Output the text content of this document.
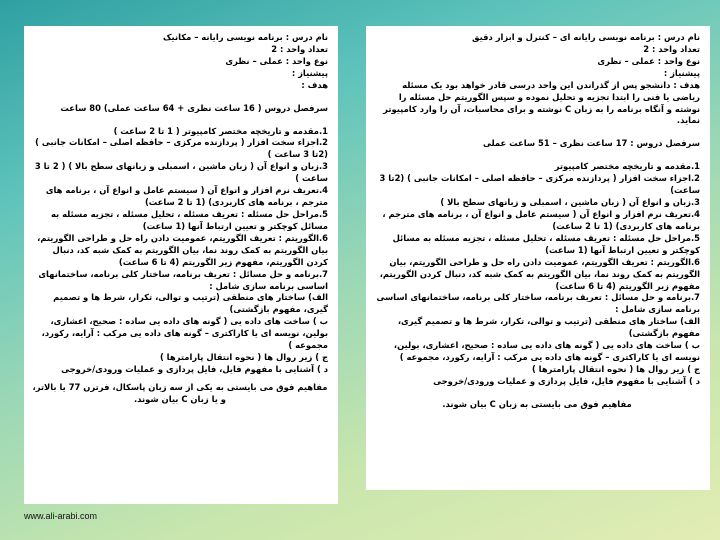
نام درس : برنامه نویسی رایانه – مکانیک
تعداد واحد : 2
نوع واحد : عملی – نظری
پیشنیاز :
هدف :
سرفصل دروس ( 16 ساعت نظری + 64 ساعت عملی) 80 ساعت
1.مقدمه و تاریخچه مختصر کامپیوتر ( 1 تا 2 ساعت )
2.اجزاء سخت افزار ( پردازنده مرکزی – حافظه اصلی – امکانات جانبی ) (2تا 3 ساعت )
3.زبان و انواع آن ( زبان ماشین ، اسمبلی و زبانهای سطح بالا ) ( 2 تا 3 ساعت )
4.تعریف نرم افزار و انواع آن ( سیستم عامل و انواع آن ، برنامه های مترجم ، برنامه های کاربردی) (1 تا 2 ساعت)
5.مراحل حل مسئله : تعریف مسئله ، تحلیل مسئله ، تجزیه مسئله به مسائل کوچکتر و تعیین ارتباط آنها (1 ساعت)
6.الگوریتم : تعریف الگوریتم، عمومیت دادن راه حل و طراحی الگوریتم، بیان الگوریتم به کمک روند نما، بیان الگوریتم به کمک شبه کد، دنبال کردن الگوریتم، مفهوم زیر الگوریتم (4 تا 6 ساعت)
7.برنامه و حل مسائل : تعریف برنامه، ساختار کلی برنامه، ساختمانهای اساسی برنامه سازی شامل :
الف) ساختار های منطقی (ترتیب و توالی، تکرار، شرط ها و تصمیم گیری، مفهوم بازگشتی)
ب ) ساخت های داده یی ( گونه های داده یی ساده : صحیح، اعشاری، بولین، نویسه ای یا کاراکتری – گونه های داده یی مرکب : آرایه، رکورد، مجموعه )
ج ) زیر روال ها ( نحوه انتقال پارامترها )
د ) آشنایی با مفهوم فایل، فایل پردازی و عملیات ورودی/خروجی
مفاهیم فوق می بایستی به یکی از سه زبان پاسکال، فرترن 77 یا بالاتر، و یا زبان C بیان شوند.
نام درس : برنامه نویسی رایانه ای – کنترل و ابزار دقیق
تعداد واحد : 2
نوع واحد : عملی – نظری
پیشنیاز :
هدف : دانشجو پس از گذراندن این واحد درسی قادر خواهد بود یک مسئله ریاضی یا فنی را ابتدا تجزیه و تحلیل نموده و سپس الگوریتم حل مسئله را نوشته و آنگاه برنامه را به زبان C نوشته و برای محاسبات، آن را وارد کامپیوتر نماید.
سرفصل دروس : 17 ساعت نظری – 51 ساعت عملی
1.مقدمه و تاریخچه مختصر کامپیوتر
2.اجزاء سخت افزار ( پردازنده مرکزی – حافظه اصلی – امکانات جانبی ) (2تا 3 ساعت)
3.زبان و انواع آن ( زبان ماشین ، اسمبلی و زبانهای سطح بالا )
4.تعریف نرم افزار و انواع آن ( سیستم عامل و انواع آن ، برنامه های مترجم ، برنامه های کاربردی) (1 تا 2 ساعت)
5.مراحل حل مسئله : تعریف مسئله ، تحلیل مسئله ، تجزیه مسئله به مسائل کوچکتر و تعیین ارتباط آنها (1 ساعت)
6.الگوریتم : تعریف الگوریتم، عمومیت دادن راه حل و طراحی الگوریتم، بیان الگوریتم به کمک روند نما، بیان الگوریتم به کمک شبه کد، دنبال کردن الگوریتم، مفهوم زیر الگوریتم (4 تا 6 ساعت)
7.برنامه و حل مسائل : تعریف برنامه، ساختار کلی برنامه، ساختمانهای اساسی برنامه سازی شامل :
الف) ساختار های منطقی (ترتیب و توالی، تکرار، شرط ها و تصمیم گیری، مفهوم بازگشتی)
ب ) ساخت های داده یی ( گونه های داده یی ساده : صحیح، اعشاری، بولین، نویسه ای یا کاراکتری – گونه های داده یی مرکب : آرایه، رکورد، مجموعه )
ج ) زیر روال ها ( نحوه انتقال پارامترها )
د ) آشنایی با مفهوم فایل، فایل پردازی و عملیات ورودی/خروجی
مفاهیم فوق می بایستی به زبان C بیان شوند.
www.ali-arabi.com
